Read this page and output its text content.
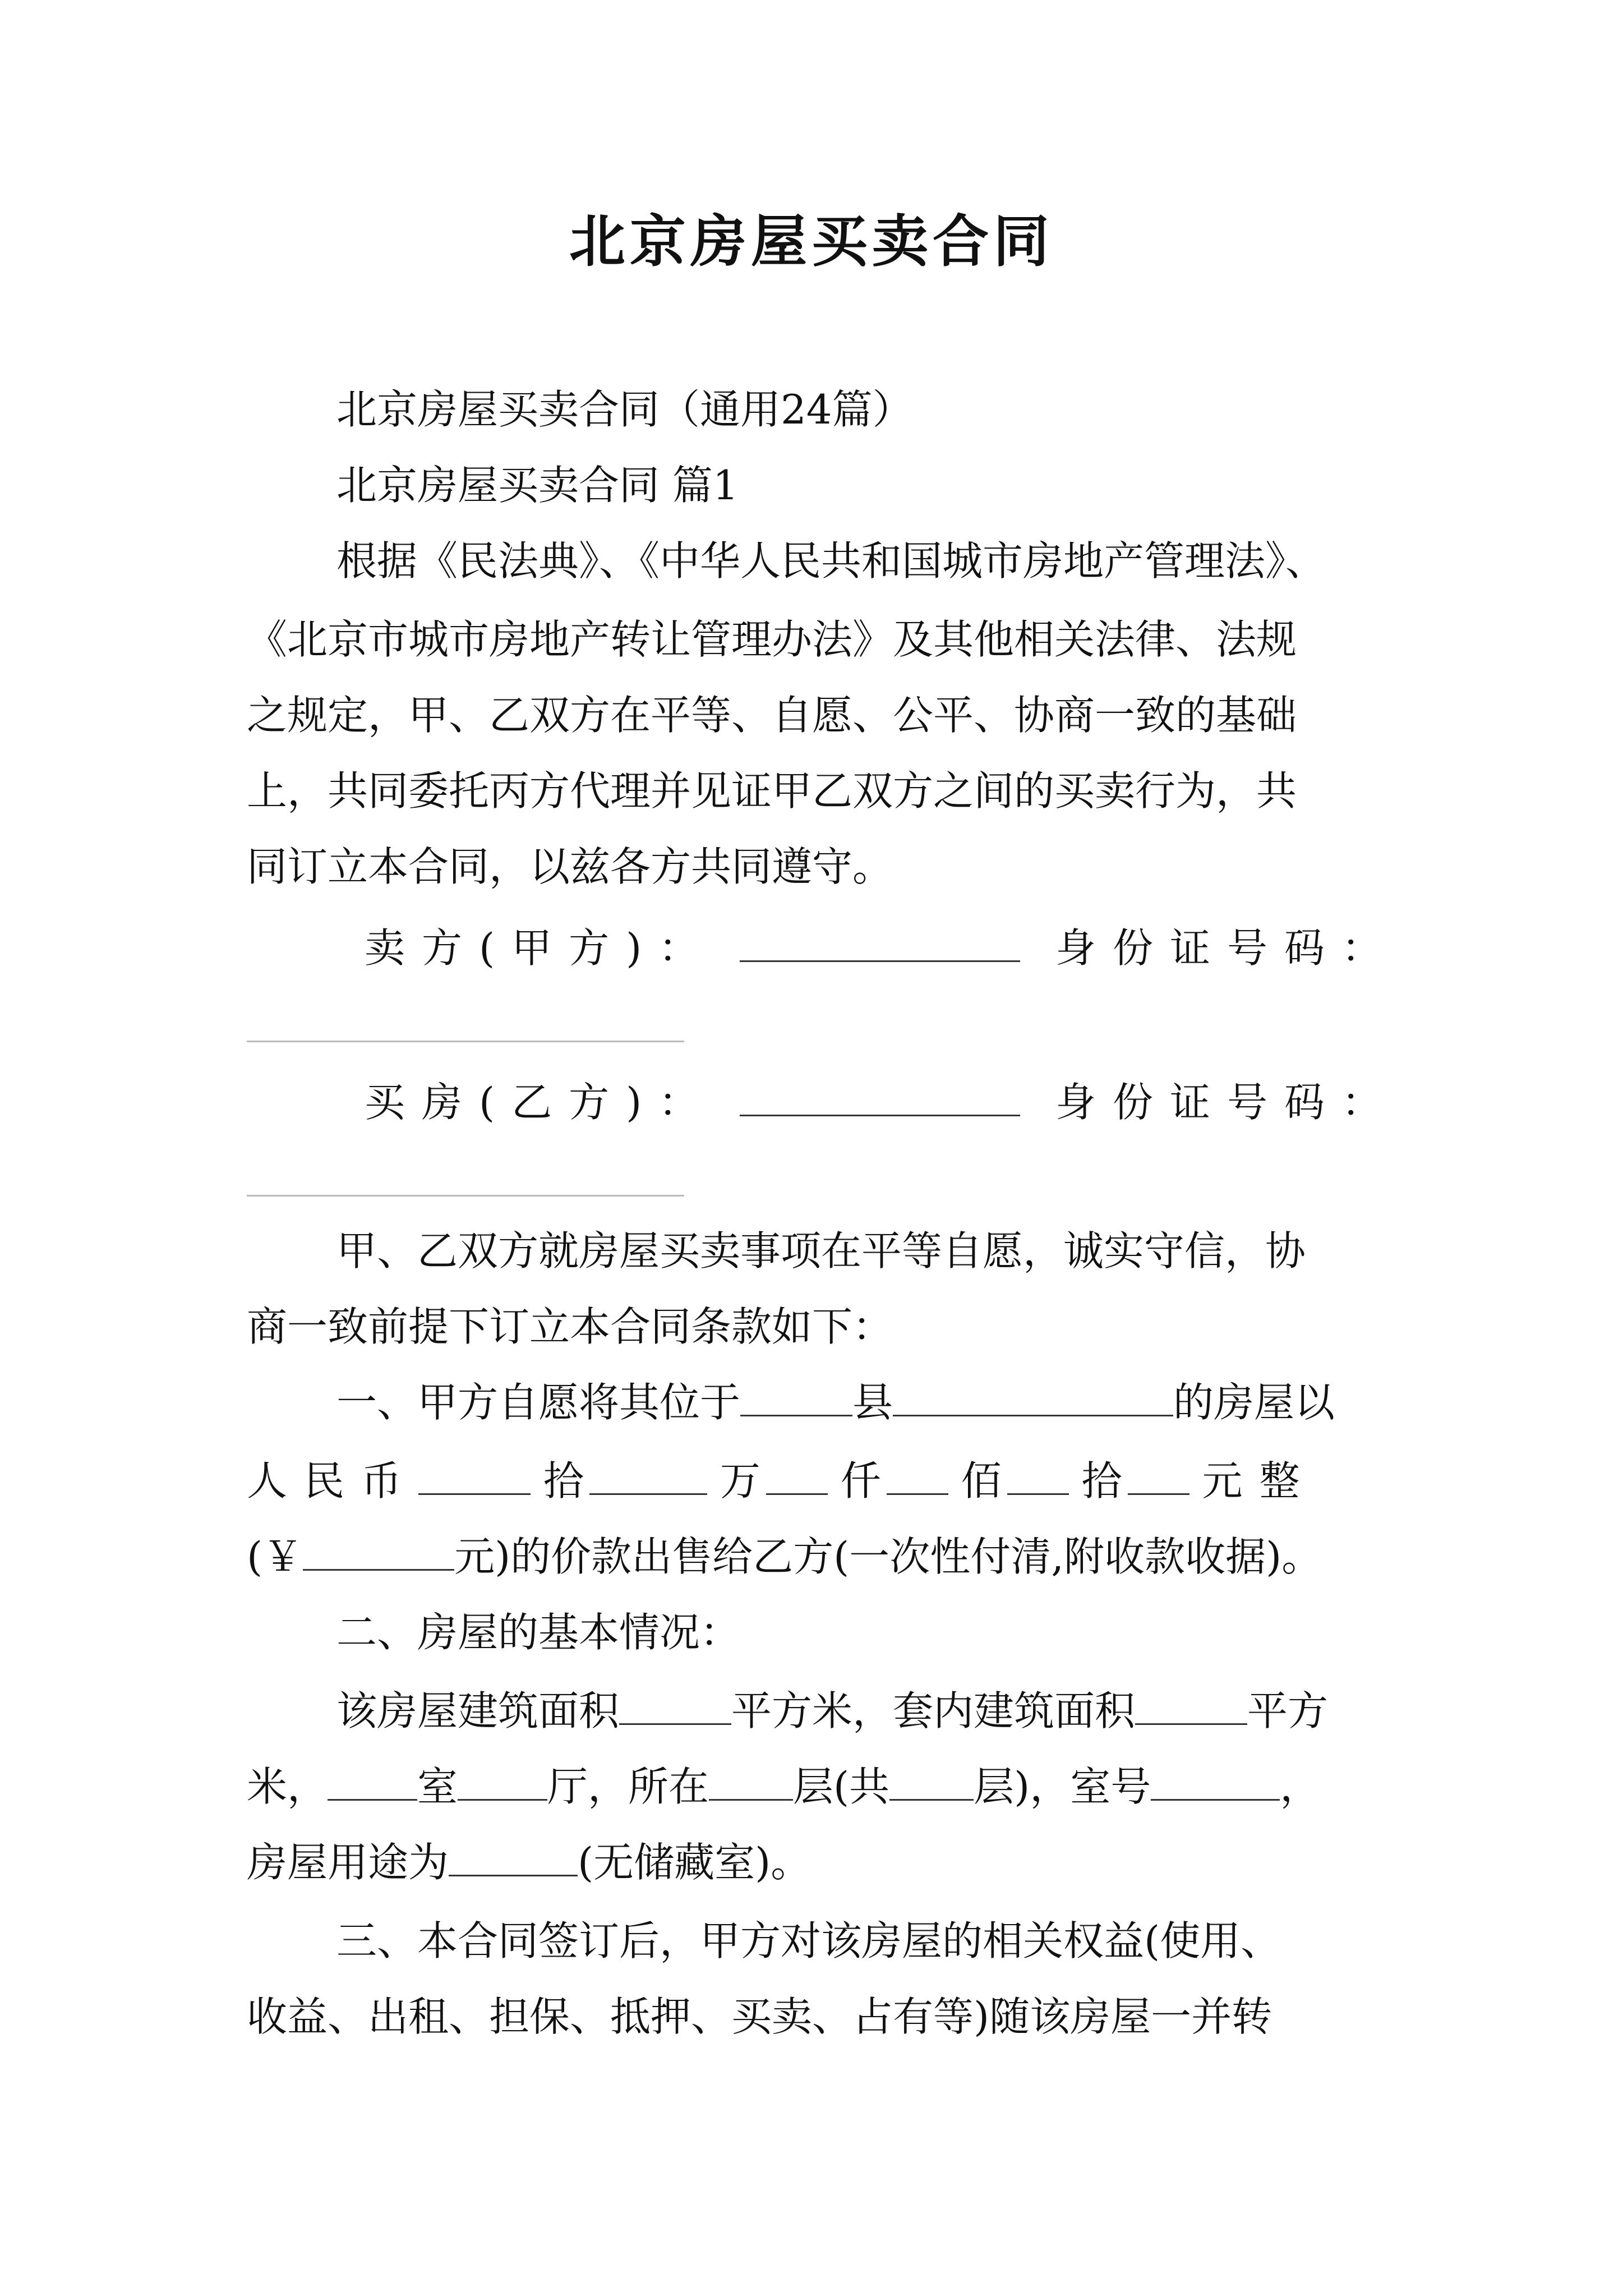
北京房屋买卖合同
北京房屋买卖合同（通用24篇）
北京房屋买卖合同 篇1
根据《民法典》、《中华人民共和国城市房地产管理法》、
《北京市城市房地产转让管理办法》及其他相关法律、法规
之规定，甲、乙双方在平等、自愿、公平、协商一致的基础
上，共同委托丙方代理并见证甲乙双方之间的买卖行为，共
同订立本合同，以兹各方共同遵守。
卖方(甲方)：	身份证号码：
买房(乙方)：	身份证号码：
甲、乙双方就房屋买卖事项在平等自愿，诚实守信，协
商一致前提下订立本合同条款如下：
一、甲方自愿将其位于	县	的房屋以
人民币	拾	万 仟 佰 拾 元整
(￥	元)的价款出售给乙方(一次性付清,附收款收据)。
二、房屋的基本情况：
该房屋建筑面积	平方米，套内建筑面积	平方
米， 室 厅，所在 层(共 层)，室号	，
房屋用途为	(无储藏室)。
三、本合同签订后，甲方对该房屋的相关权益(使用、
收益、出租、担保、抵押、买卖、占有等)随该房屋一并转
